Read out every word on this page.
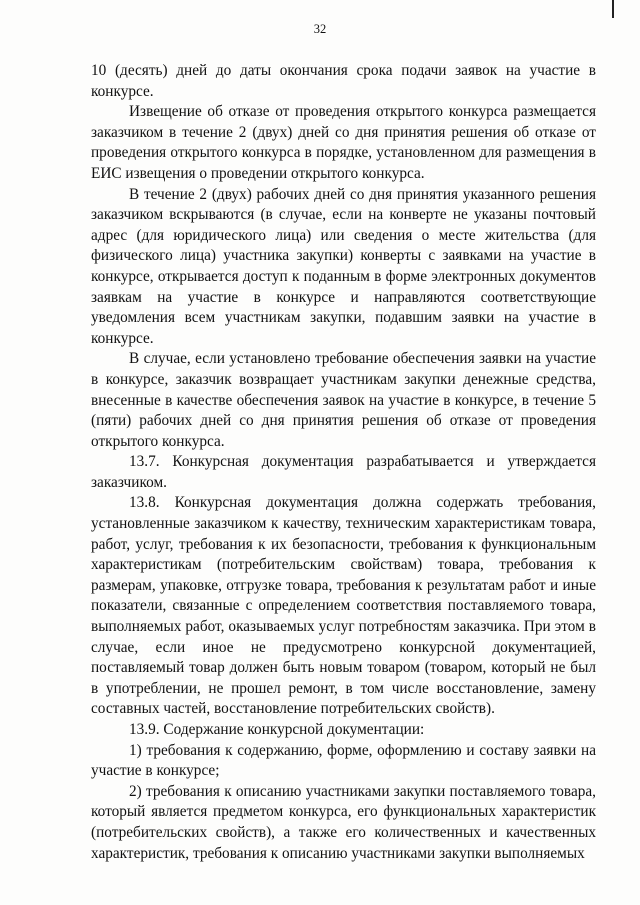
32

10 (десять) дней до даты окончания срока подачи заявок на участие в конкурсе.

Извещение об отказе от проведения открытого конкурса размещается заказчиком в течение 2 (двух) дней со дня принятия решения об отказе от проведения открытого конкурса в порядке, установленном для размещения в ЕИС извещения о проведении открытого конкурса.

В течение 2 (двух) рабочих дней со дня принятия указанного решения заказчиком вскрываются (в случае, если на конверте не указаны почтовый адрес (для юридического лица) или сведения о месте жительства (для физического лица) участника закупки) конверты с заявками на участие в конкурсе, открывается доступ к поданным в форме электронных документов заявкам на участие в конкурсе и направляются соответствующие уведомления всем участникам закупки, подавшим заявки на участие в конкурсе.

В случае, если установлено требование обеспечения заявки на участие в конкурсе, заказчик возвращает участникам закупки денежные средства, внесенные в качестве обеспечения заявок на участие в конкурсе, в течение 5 (пяти) рабочих дней со дня принятия решения об отказе от проведения открытого конкурса.

13.7. Конкурсная документация разрабатывается и утверждается заказчиком.

13.8. Конкурсная документация должна содержать требования, установленные заказчиком к качеству, техническим характеристикам товара, работ, услуг, требования к их безопасности, требования к функциональным характеристикам (потребительским свойствам) товара, требования к размерам, упаковке, отгрузке товара, требования к результатам работ и иные показатели, связанные с определением соответствия поставляемого товара, выполняемых работ, оказываемых услуг потребностям заказчика. При этом в случае, если иное не предусмотрено конкурсной документацией, поставляемый товар должен быть новым товаром (товаром, который не был в употреблении, не прошел ремонт, в том числе восстановление, замену составных частей, восстановление потребительских свойств).

13.9. Содержание конкурсной документации:

1) требования к содержанию, форме, оформлению и составу заявки на участие в конкурсе;

2) требования к описанию участниками закупки поставляемого товара, который является предметом конкурса, его функциональных характеристик (потребительских свойств), а также его количественных и качественных характеристик, требования к описанию участниками закупки выполняемых
